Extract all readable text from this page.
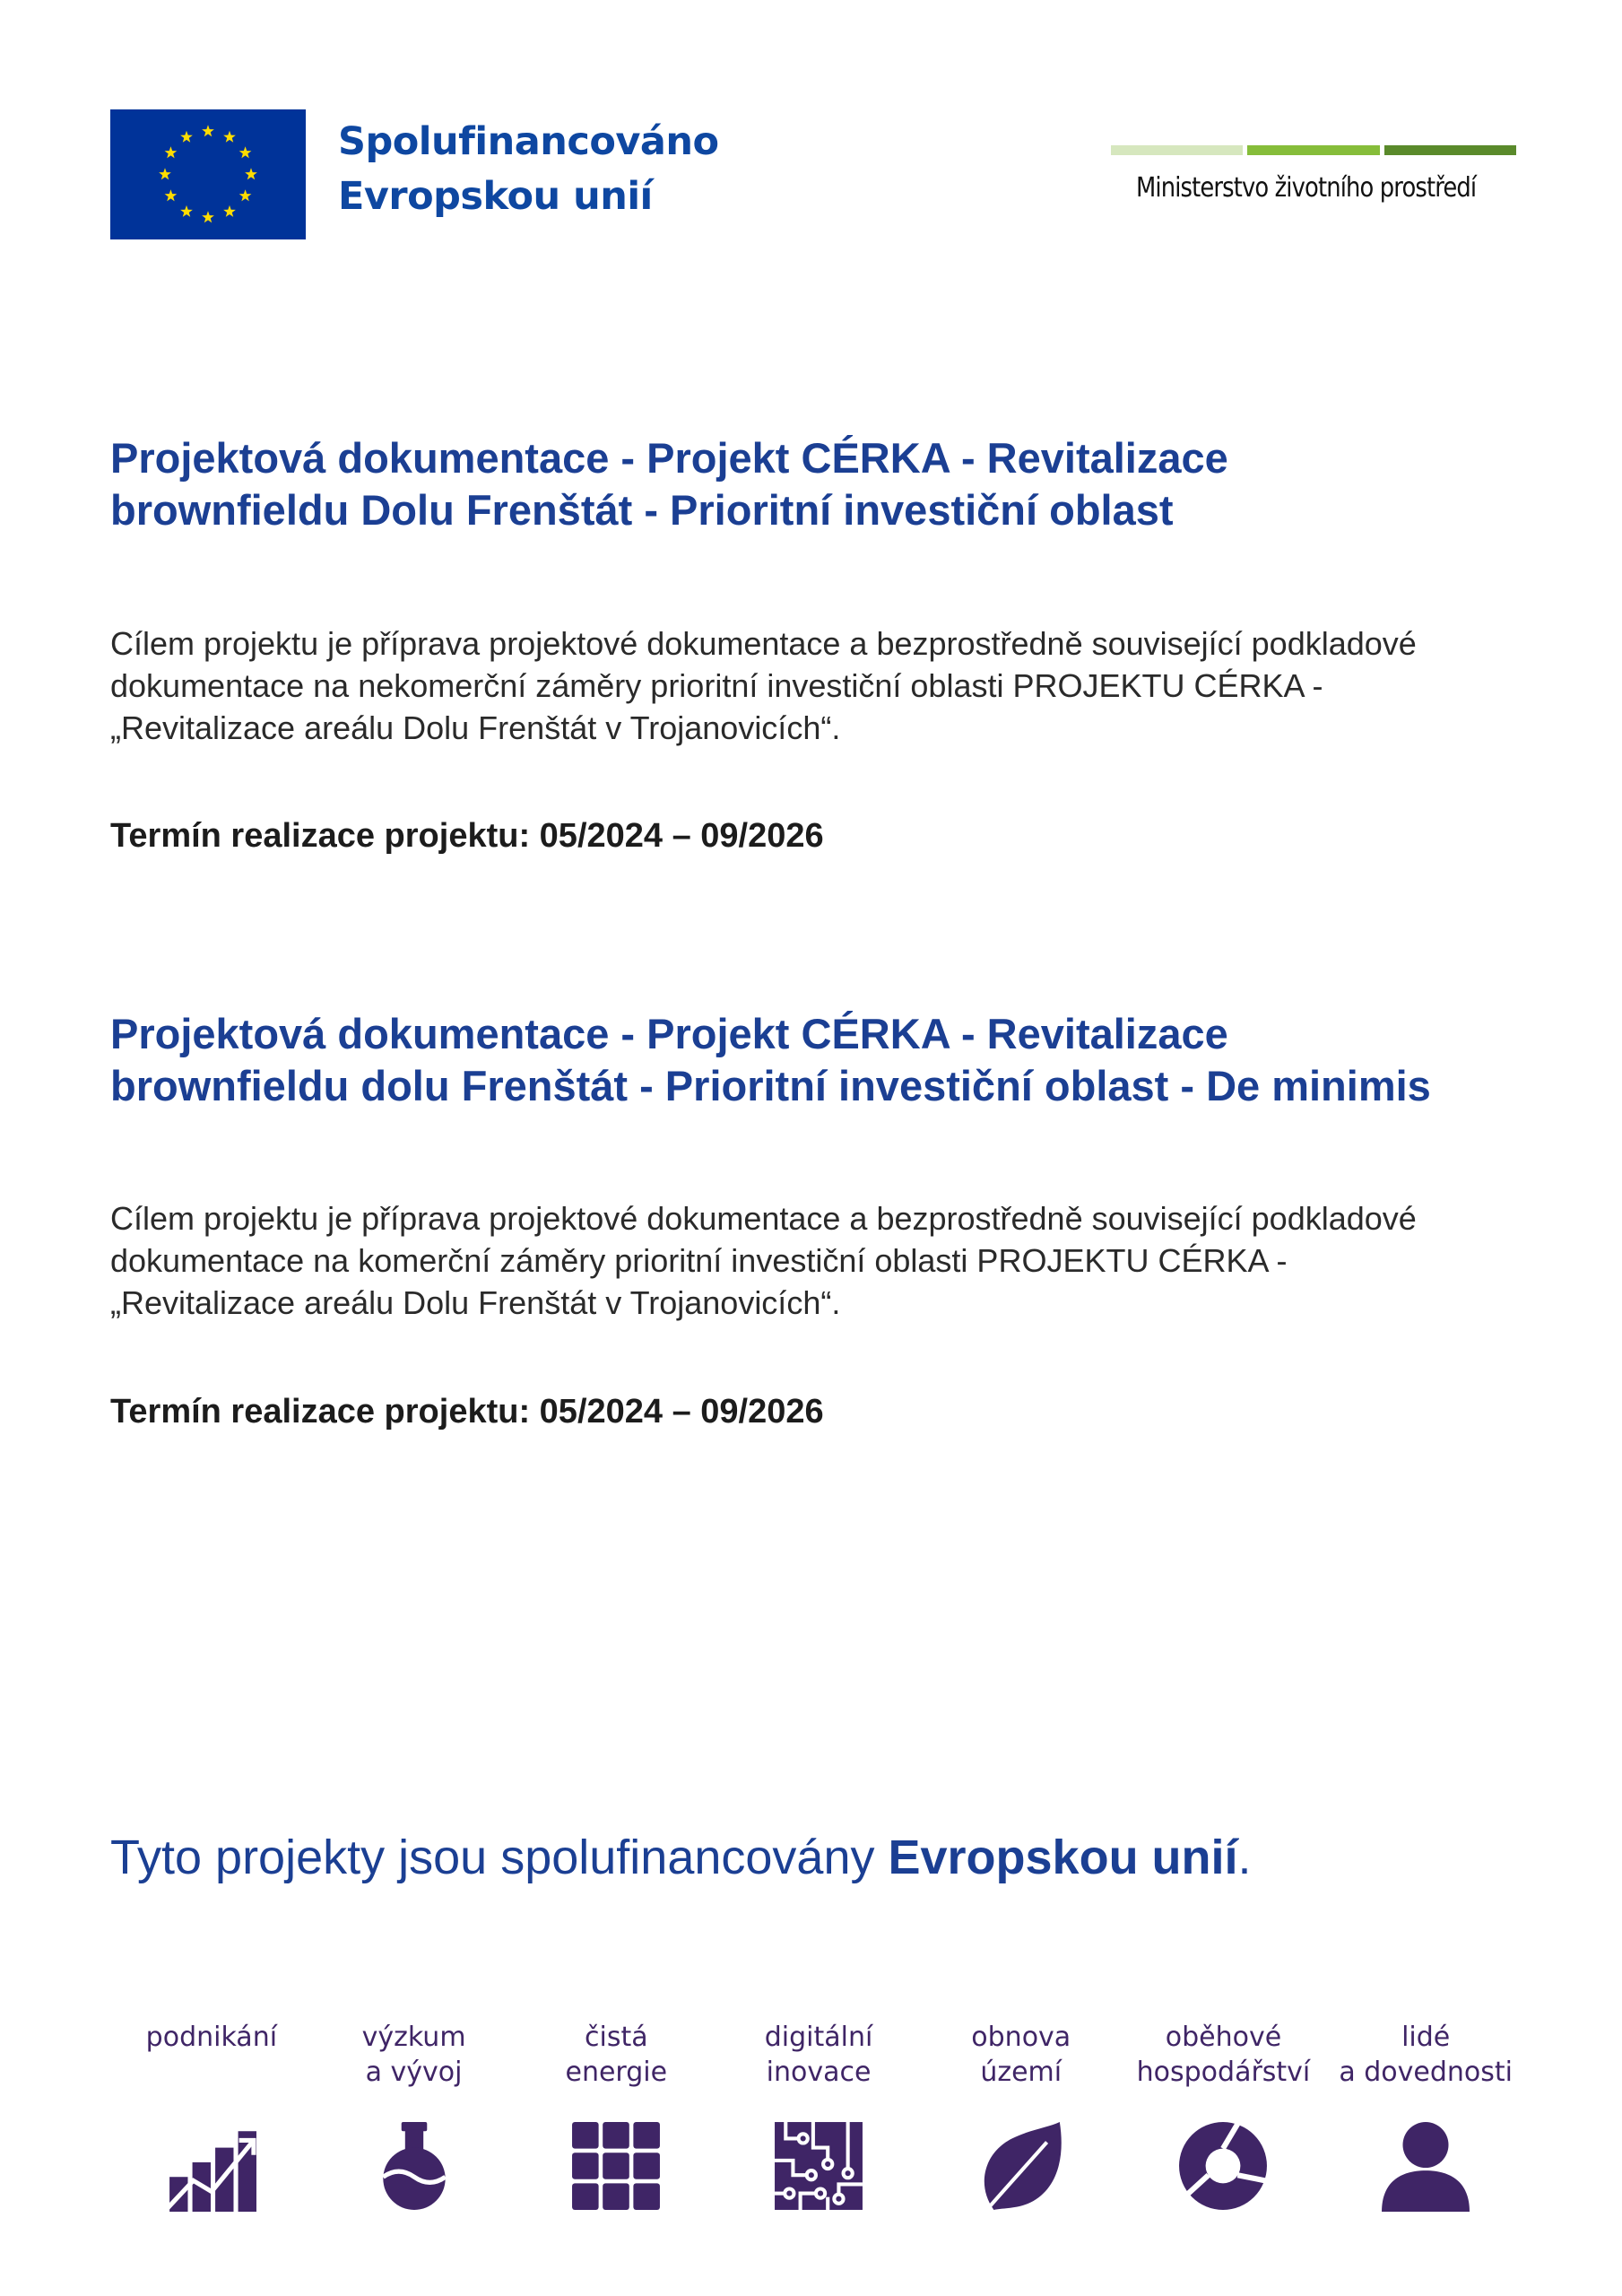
Spolufinancováno
Evropskou unií	Ministerstvo životního prostředí
Projektová dokumentace - Projekt CÉRKA - Revitalizace
brownfieldu Dolu Frenštát - Prioritní investiční oblast

Cílem projektu je příprava projektové dokumentace a bezprostředně související podkladové
dokumentace na nekomerční záměry prioritní investiční oblasti PROJEKTU CÉRKA -
„Revitalizace areálu Dolu Frenštát v Trojanovicích“.

Termín realizace projektu: 05/2024 – 09/2026
Projektová dokumentace - Projekt CÉRKA - Revitalizace
brownfieldu dolu Frenštát - Prioritní investiční oblast - De minimis

Cílem projektu je příprava projektové dokumentace a bezprostředně související podkladové
dokumentace na komerční záměry prioritní investiční oblasti PROJEKTU CÉRKA -
„Revitalizace areálu Dolu Frenštát v Trojanovicích“.

Termín realizace projektu: 05/2024 – 09/2026
Tyto projekty jsou spolufinancovány Evropskou unií.
podnikání	výzkum
a vývoj
čistá
energie
digitální
inovace
obnova
území
oběhové
hospodářství
lidé
a dovednosti
